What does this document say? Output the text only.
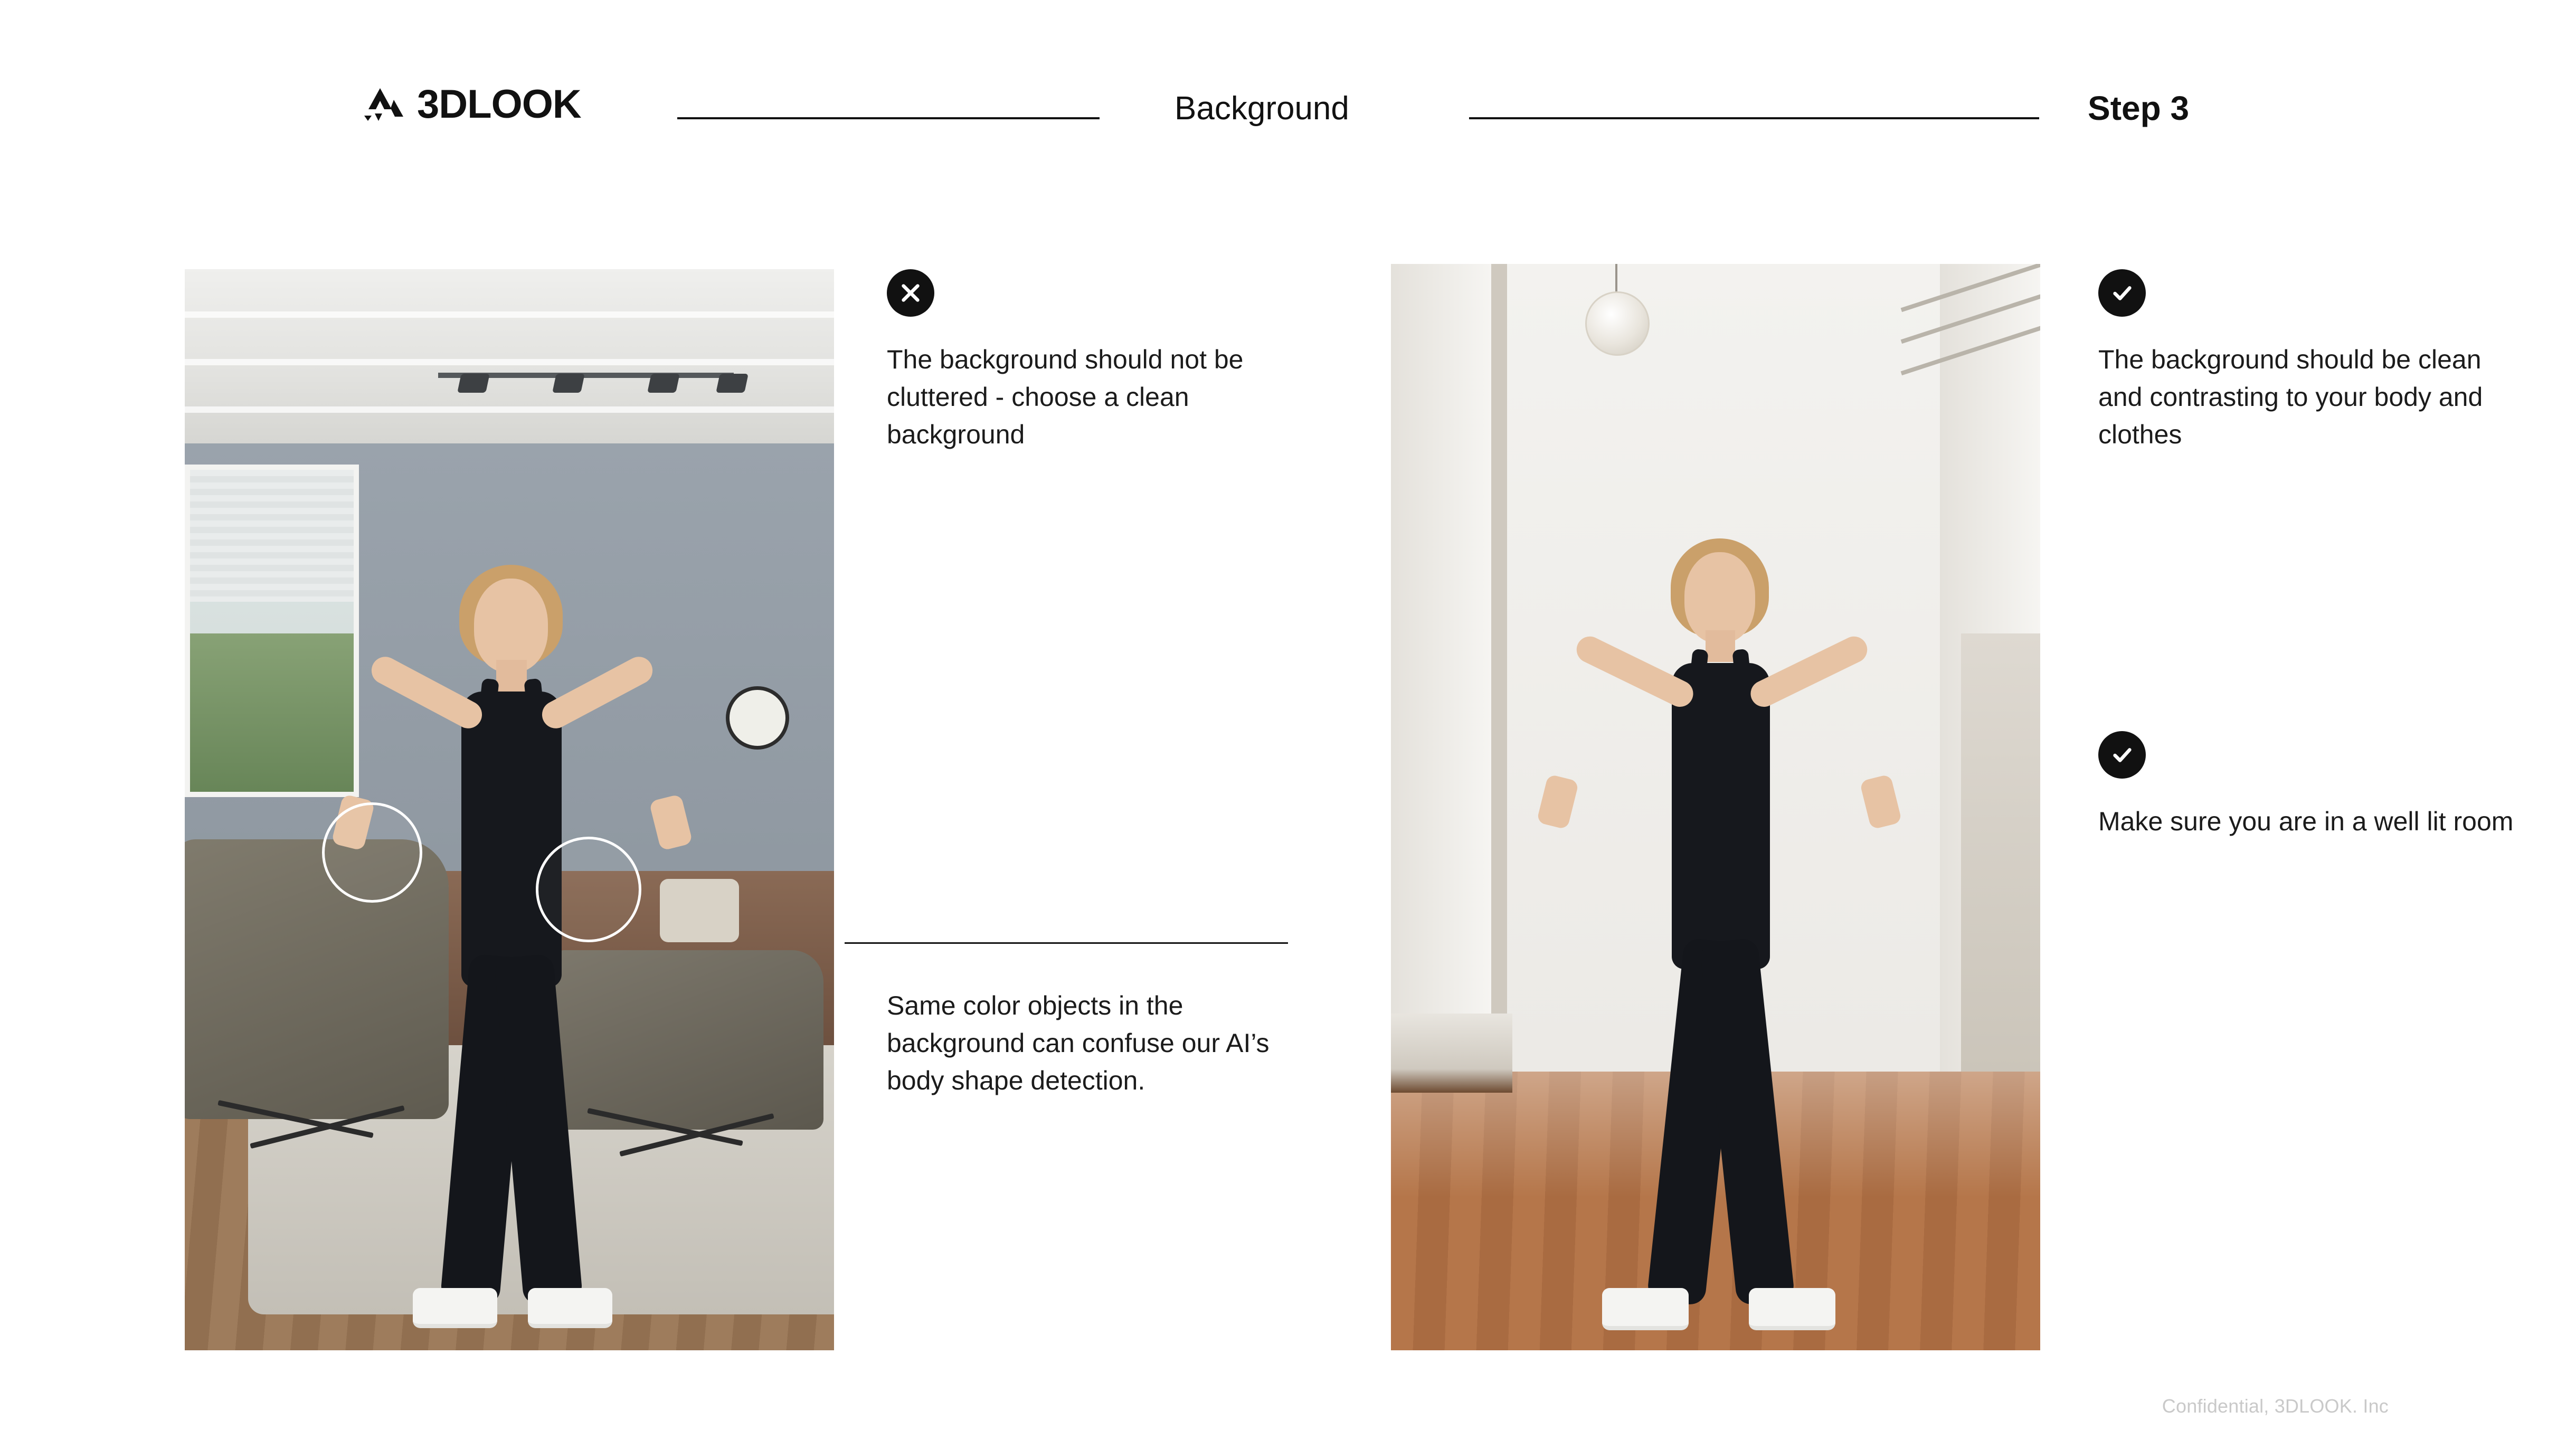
3DLOOK	Background	Step 3
The background should not be cluttered - choose a clean background
Same color objects in the background can confuse our AI’s body shape detection.
The background should be clean and contrasting to your body and clothes
Make sure you are in a well lit room
Confidential, 3DLOOK. Inc
